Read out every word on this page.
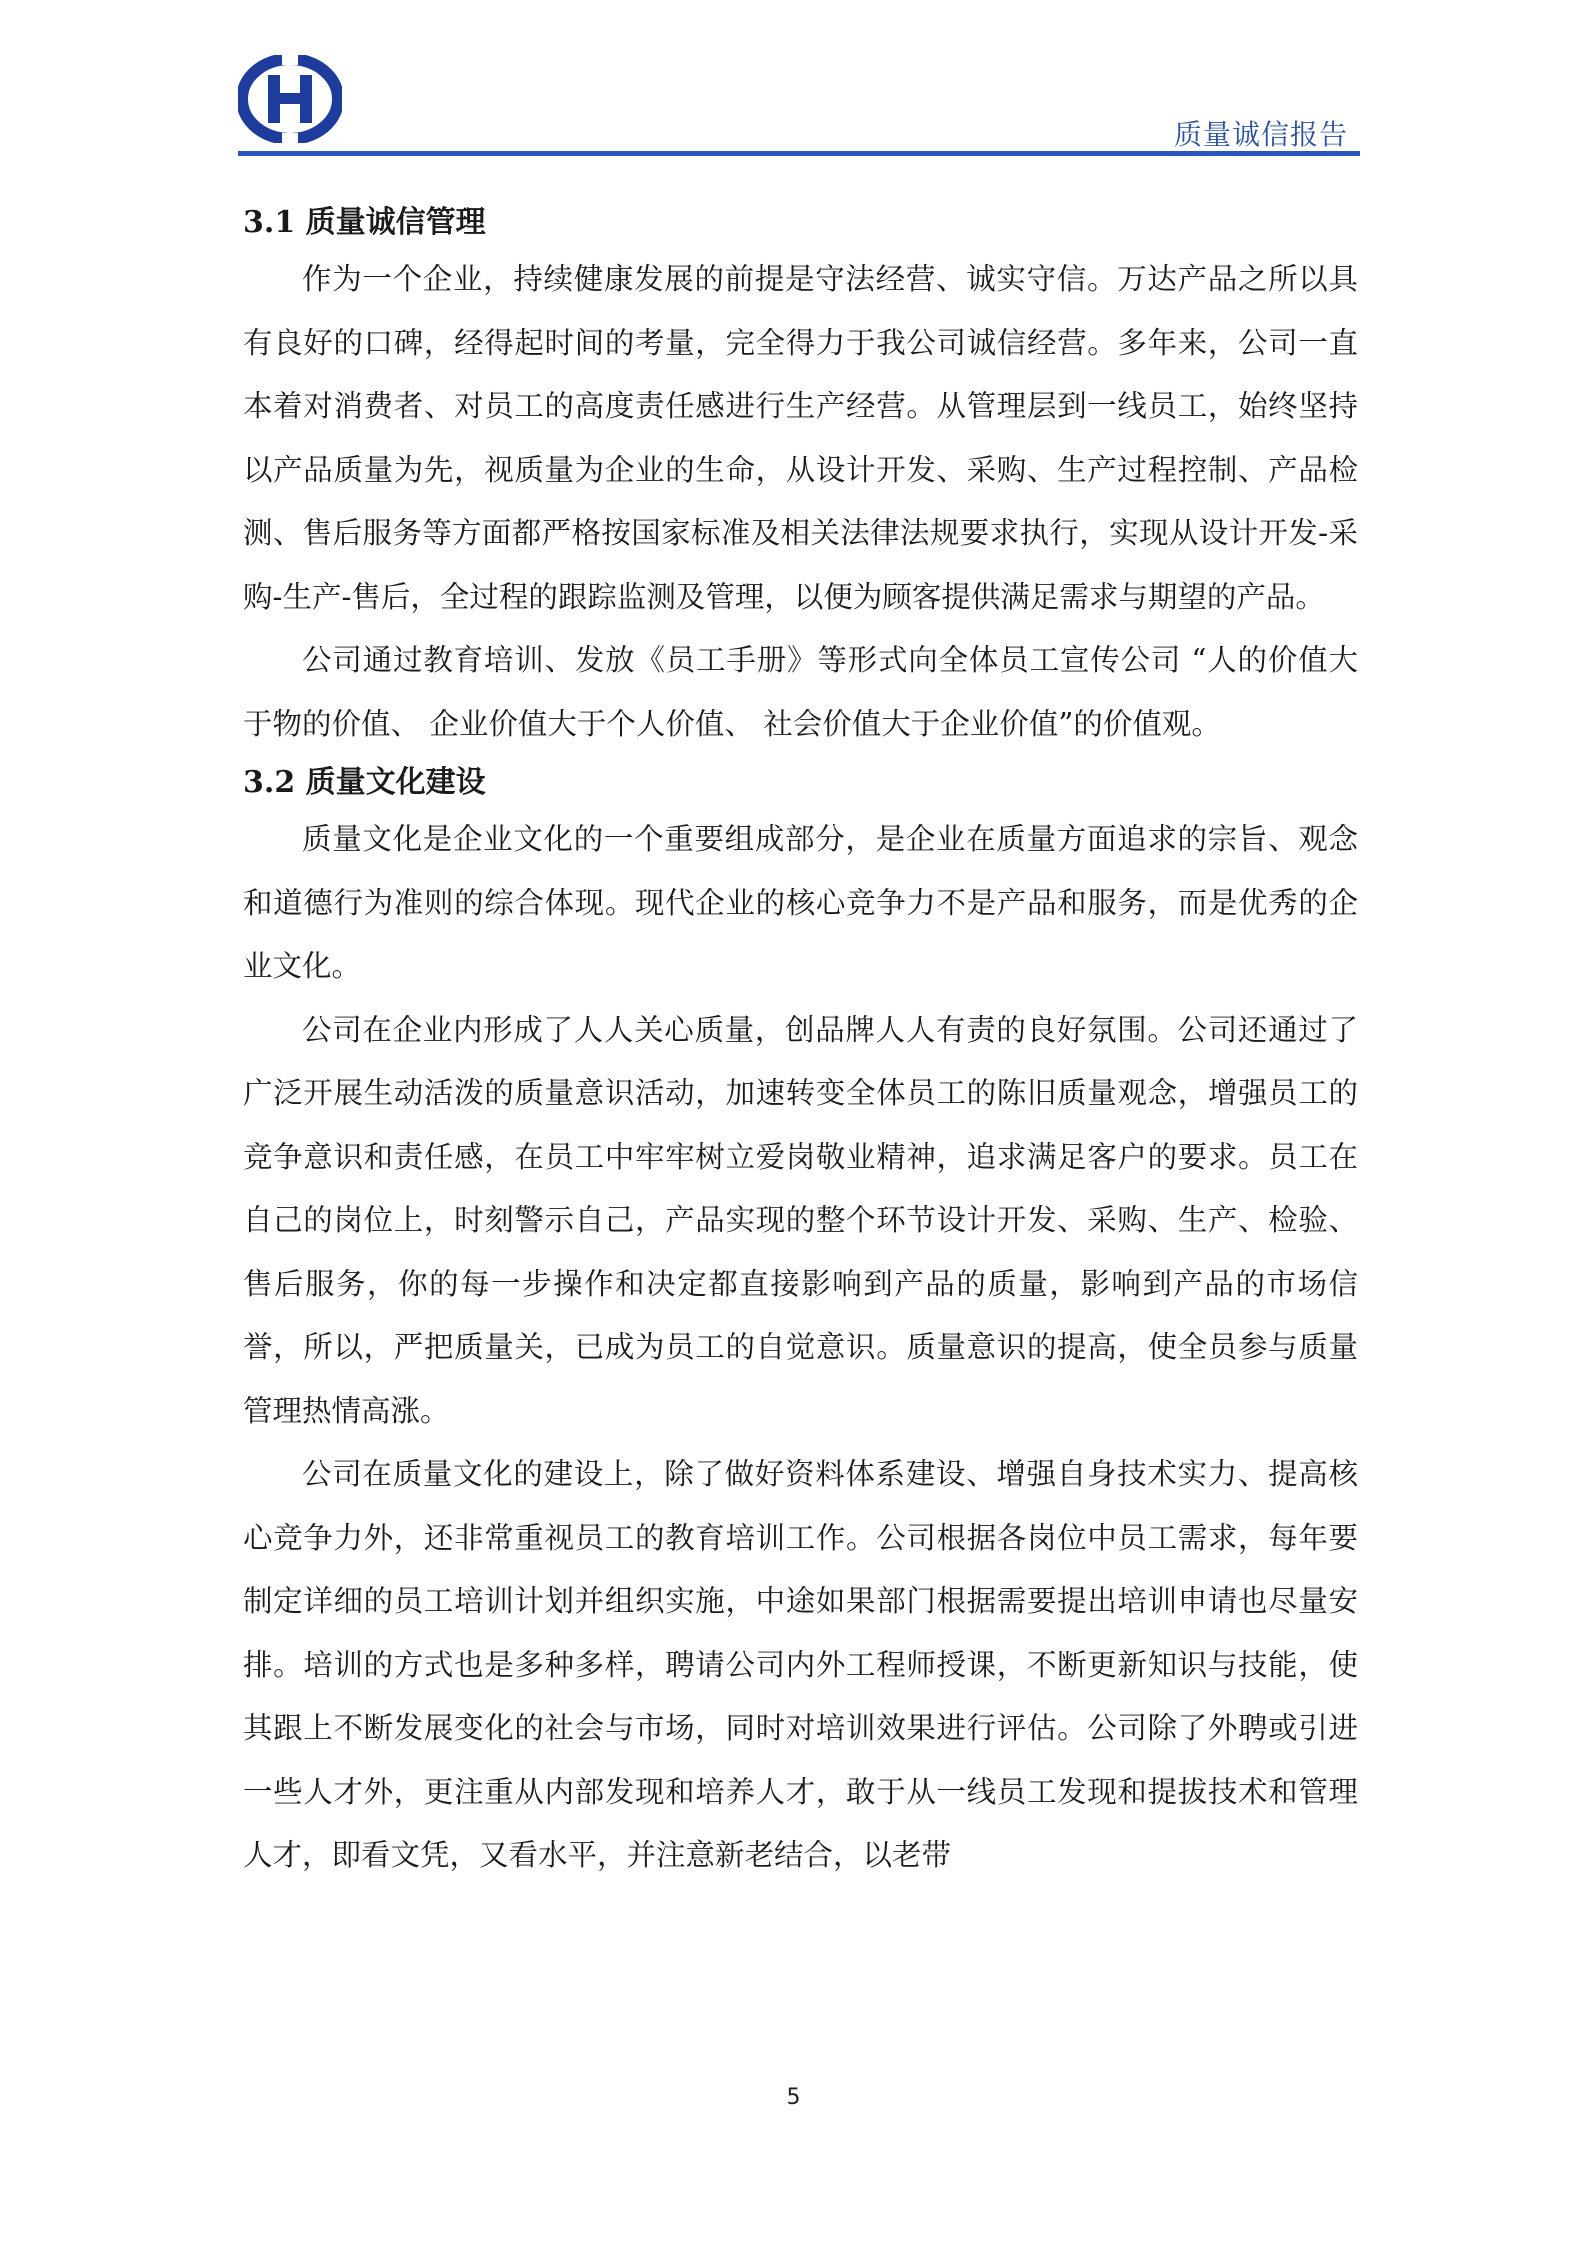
质量诚信报告
3.1 质量诚信管理

作为一个企业，持续健康发展的前提是守法经营、诚实守信。万达产品之所以具有良好的口碑，经得起时间的考量，完全得力于我公司诚信经营。多年来，公司一直本着对消费者、对员工的高度责任感进行生产经营。从管理层到一线员工，始终坚持以产品质量为先，视质量为企业的生命，从设计开发、采购、生产过程控制、产品检测、售后服务等方面都严格按国家标准及相关法律法规要求执行，实现从设计开发-采购-生产-售后，全过程的跟踪监测及管理，以便为顾客提供满足需求与期望的产品。

公司通过教育培训、发放《员工手册》等形式向全体员工宣传公司 “人的价值大于物的价值、 企业价值大于个人价值、 社会价值大于企业价值”的价值观。

3.2 质量文化建设

质量文化是企业文化的一个重要组成部分，是企业在质量方面追求的宗旨、观念和道德行为准则的综合体现。现代企业的核心竞争力不是产品和服务，而是优秀的企业文化。

公司在企业内形成了人人关心质量，创品牌人人有责的良好氛围。公司还通过了广泛开展生动活泼的质量意识活动，加速转变全体员工的陈旧质量观念，增强员工的竞争意识和责任感，在员工中牢牢树立爱岗敬业精神，追求满足客户的要求。员工在自己的岗位上，时刻警示自己，产品实现的整个环节设计开发、采购、生产、检验、售后服务，你的每一步操作和决定都直接影响到产品的质量，影响到产品的市场信誉，所以，严把质量关，已成为员工的自觉意识。质量意识的提高，使全员参与质量管理热情高涨。

公司在质量文化的建设上，除了做好资料体系建设、增强自身技术实力、提高核心竞争力外，还非常重视员工的教育培训工作。公司根据各岗位中员工需求，每年要制定详细的员工培训计划并组织实施，中途如果部门根据需要提出培训申请也尽量安排。培训的方式也是多种多样，聘请公司内外工程师授课，不断更新知识与技能，使其跟上不断发展变化的社会与市场，同时对培训效果进行评估。公司除了外聘或引进一些人才外，更注重从内部发现和培养人才，敢于从一线员工发现和提拔技术和管理人才，即看文凭，又看水平，并注意新老结合，以老带

5
